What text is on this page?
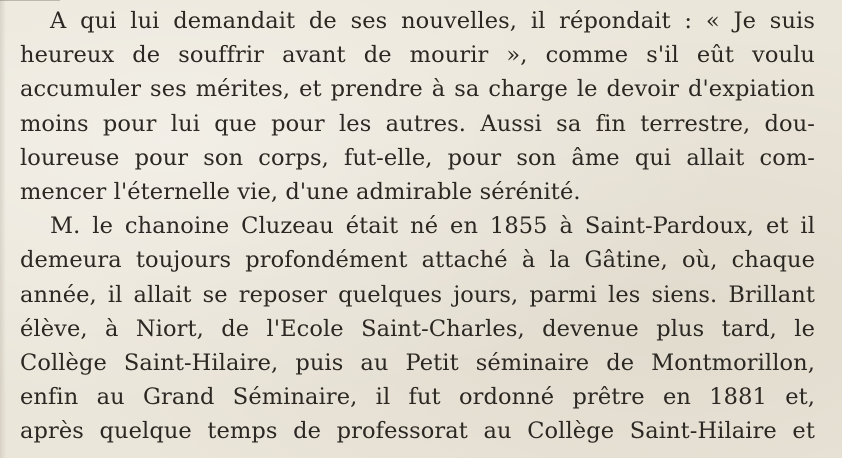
A qui lui demandait de ses nouvelles, il répondait : « Je suis
heureux de souffrir avant de mourir », comme s'il eût voulu
accumuler ses mérites, et prendre à sa charge le devoir d'expiation
moins pour lui que pour les autres. Aussi sa fin terrestre, dou-
loureuse pour son corps, fut-elle, pour son âme qui allait com-
mencer l'éternelle vie, d'une admirable sérénité.
M. le chanoine Cluzeau était né en 1855 à Saint-Pardoux, et il
demeura toujours profondément attaché à la Gâtine, où, chaque
année, il allait se reposer quelques jours, parmi les siens. Brillant
élève, à Niort, de l'Ecole Saint-Charles, devenue plus tard, le
Collège Saint-Hilaire, puis au Petit séminaire de Montmorillon,
enfin au Grand Séminaire, il fut ordonné prêtre en 1881 et,
après quelque temps de professorat au Collège Saint-Hilaire et
